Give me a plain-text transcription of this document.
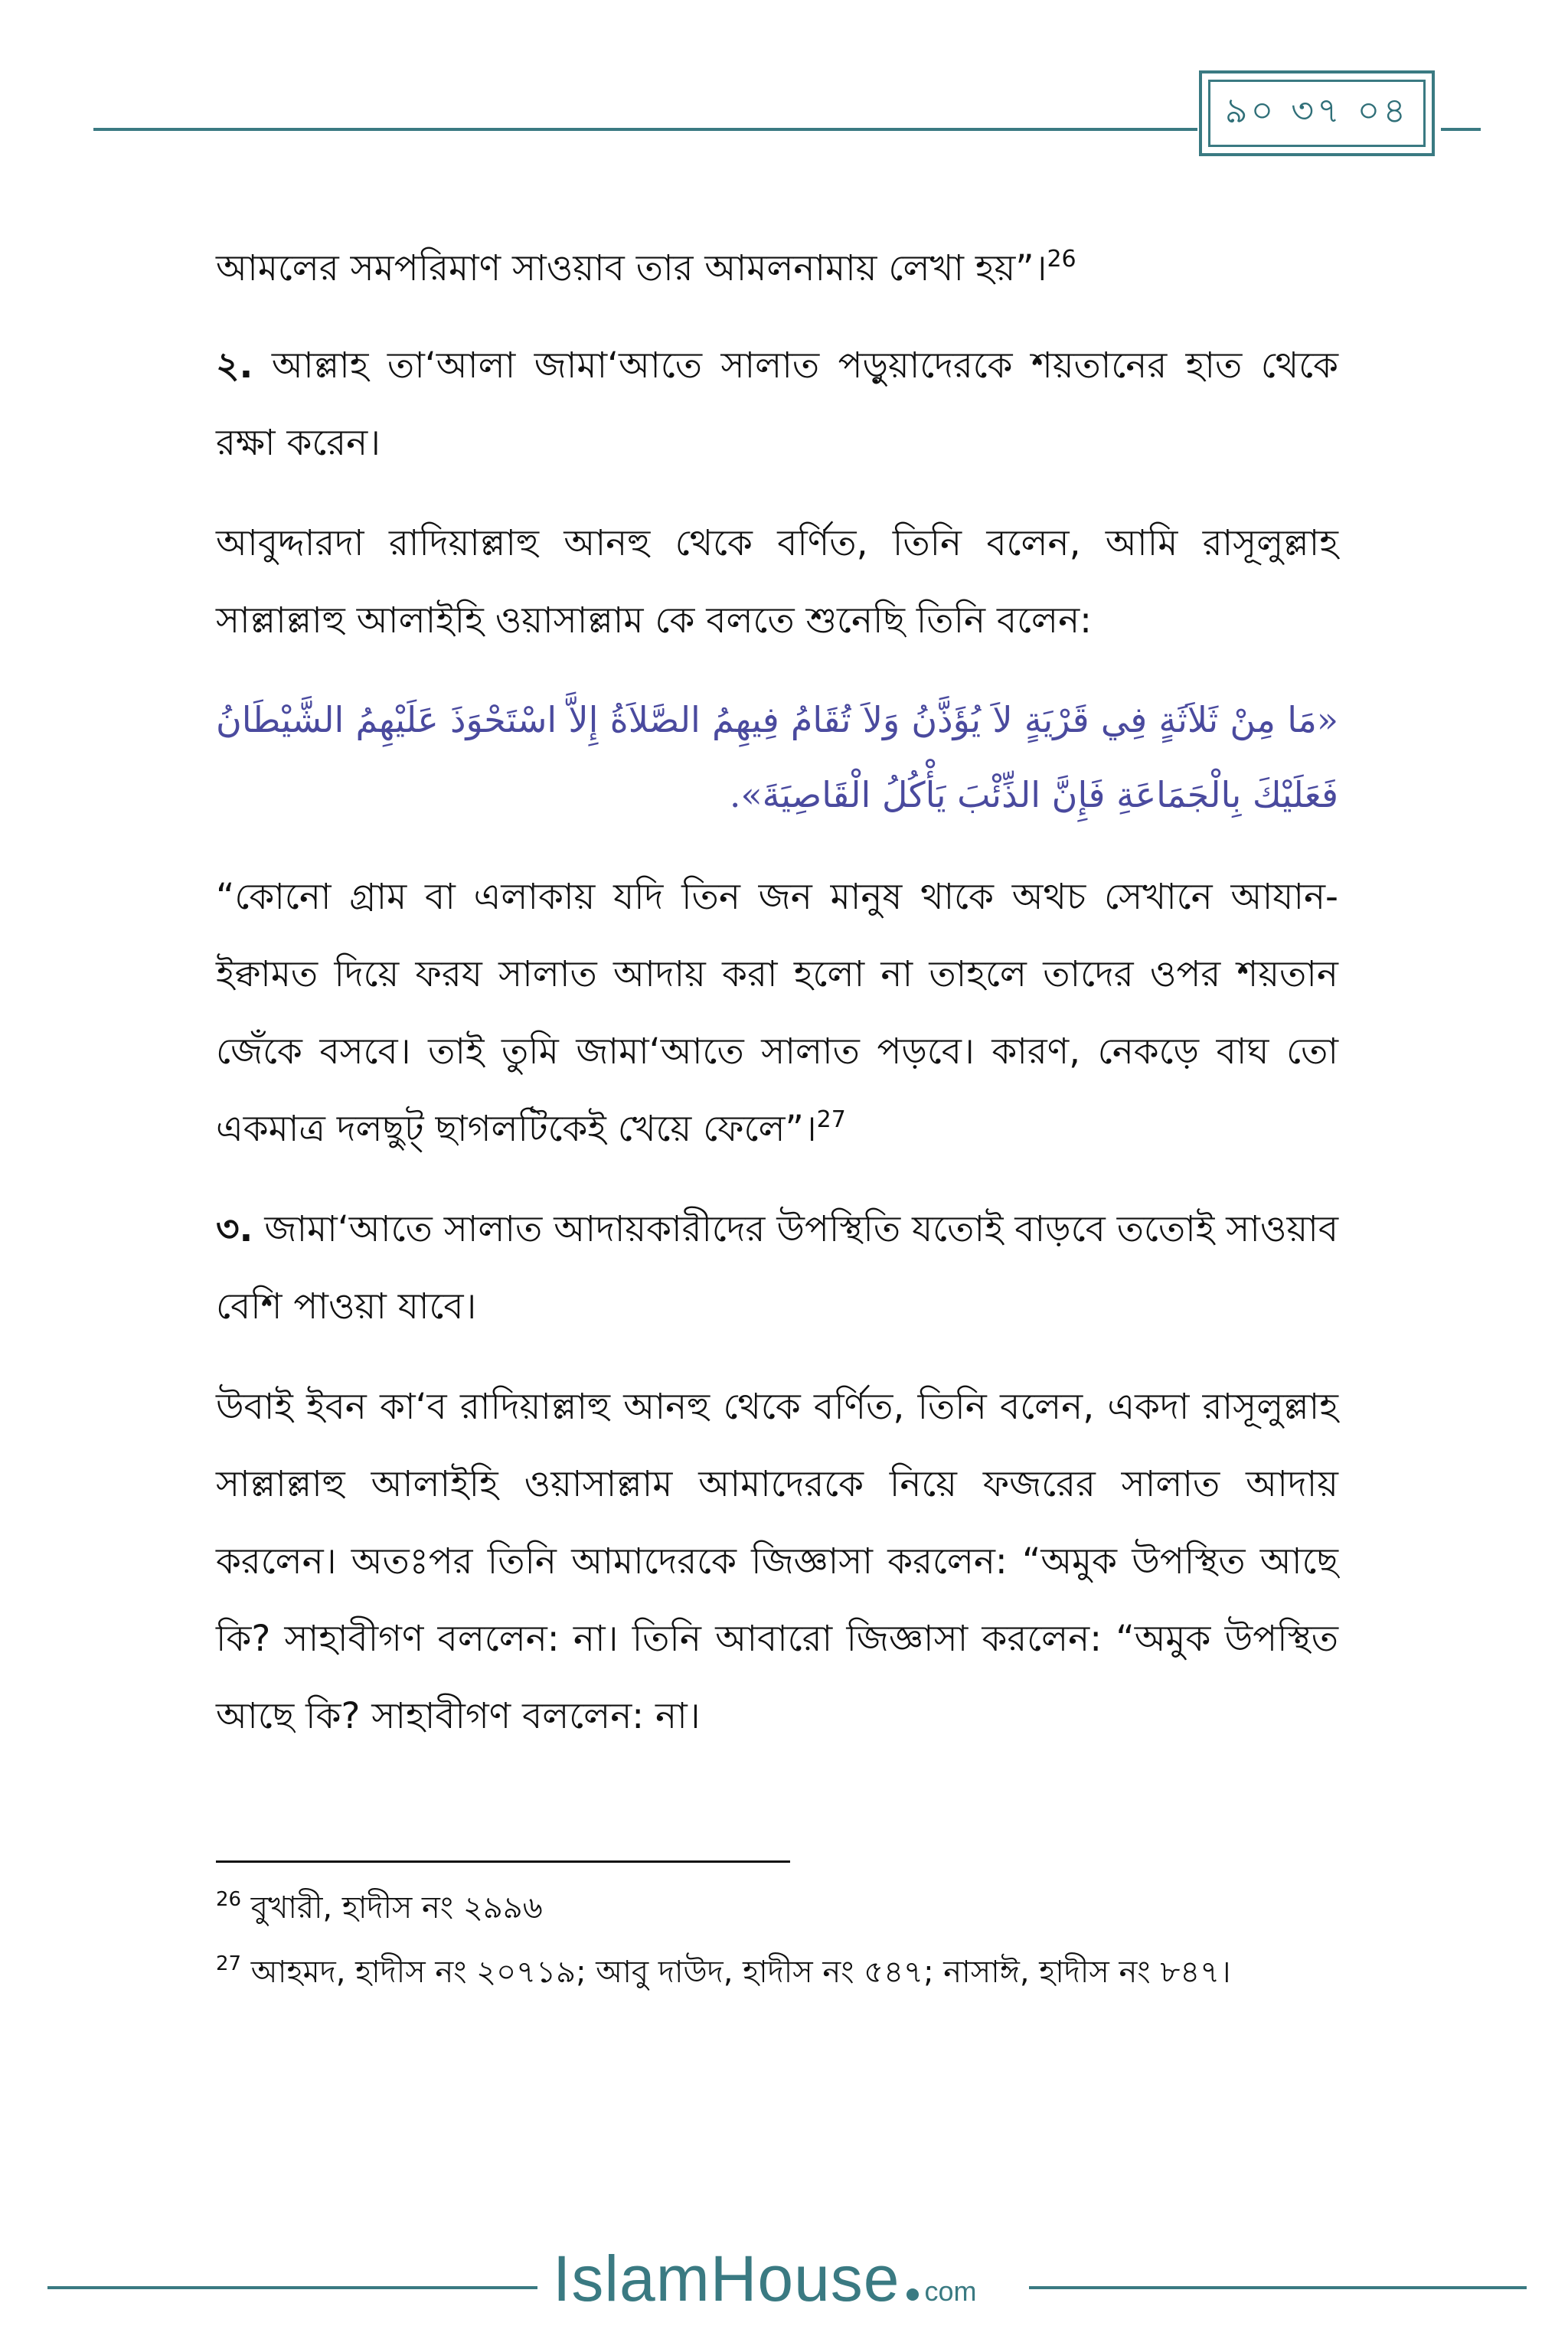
৯০ ৩৭ ০৪

আমলের সমপরিমাণ সাওয়াব তার আমলনামায় লেখা হয়”।$^{26}$

২. আল্লাহ তা‘আলা জামা‘আতে সালাত পড়ুয়াদেরকে শয়তানের হাত থেকে রক্ষা করেন।

আবুদ্দারদা রাদিয়াল্লাহু আনহু থেকে বর্ণিত, তিনি বলেন, আমি রাসূলুল্লাহ সাল্লাল্লাহু আলাইহি ওয়াসাল্লাম কে বলতে শুনেছি তিনি বলেন:

«مَا مِنْ ثَلاَثَةٍ فِي قَرْيَةٍ لاَ يُؤَذَّنُ وَلاَ تُقَامُ فِيهِمُ الصَّلاَةُ إِلاَّ اسْتَحْوَذَ عَلَيْهِمُ الشَّيْطَانُ فَعَلَيْكَ بِالْجَمَاعَةِ فَإِنَّ الذِّئْبَ يَأْكُلُ الْقَاصِيَةَ».

“কোনো গ্রাম বা এলাকায় যদি তিন জন মানুষ থাকে অথচ সেখানে আযান-ইক্বামত দিয়ে ফরয সালাত আদায় করা হলো না তাহলে তাদের ওপর শয়তান জেঁকে বসবে। তাই তুমি জামা‘আতে সালাত পড়বে। কারণ, নেকড়ে বাঘ তো একমাত্র দলছুট্ ছাগলটিকেই খেয়ে ফেলে”।$^{27}$

৩. জামা‘আতে সালাত আদায়কারীদের উপস্থিতি যতোই বাড়বে ততোই সাওয়াব বেশি পাওয়া যাবে।

উবাই ইবন কা‘ব রাদিয়াল্লাহু আনহু থেকে বর্ণিত, তিনি বলেন, একদা রাসূলুল্লাহ সাল্লাল্লাহু আলাইহি ওয়াসাল্লাম আমাদেরকে নিয়ে ফজরের সালাত আদায় করলেন। অতঃপর তিনি আমাদেরকে জিজ্ঞাসা করলেন: “অমুক উপস্থিত আছে কি? সাহাবীগণ বললেন: না। তিনি আবারো জিজ্ঞাসা করলেন: “অমুক উপস্থিত আছে কি? সাহাবীগণ বললেন: না।

$^{26}$ বুখারী, হাদীস নং ২৯৯৬

$^{27}$ আহমদ, হাদীস নং ২০৭১৯; আবু দাউদ, হাদীস নং ৫৪৭; নাসাঈ, হাদীস নং ৮৪৭।

IslamHouse com
